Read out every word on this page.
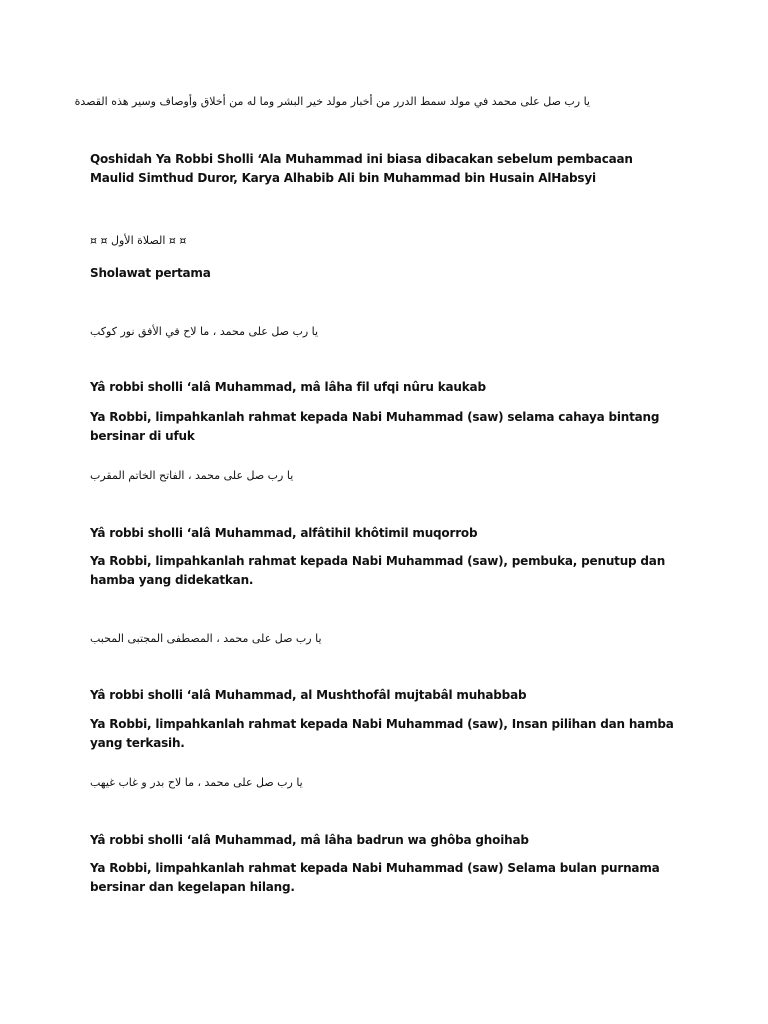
يا رب صل على محمد في مولد سمط الدرر من أخبار مولد خير البشر وما له من أخلاق وأوصاف وسير هذه القصدة
Qoshidah Ya Robbi Sholli ‘Ala Muhammad ini biasa dibacakan sebelum pembacaan Maulid Simthud Duror, Karya Alhabib Ali bin Muhammad bin Husain AlHabsyi
¤ ¤ الصلاة الأول ¤ ¤
Sholawat pertama
يا رب صل على محمد ، ما لاح في الأفق نور كوكب
Yâ robbi sholli ‘alâ Muhammad, mâ lâha fil ufqi nûru kaukab
Ya Robbi, limpahkanlah rahmat kepada Nabi Muhammad (saw) selama cahaya bintang bersinar di ufuk
يا رب صل على محمد ، الفاتح الخاتم المقرب
Yâ robbi sholli ‘alâ Muhammad, alfâtihil khôtimil muqorrob
Ya Robbi, limpahkanlah rahmat kepada Nabi Muhammad (saw), pembuka, penutup dan hamba yang didekatkan.
يا رب صل على محمد ، المصطفى المجتبى المحبب
Yâ robbi sholli ‘alâ Muhammad, al Mushthofâl mujtabâl muhabbab
Ya Robbi, limpahkanlah rahmat kepada Nabi Muhammad (saw), Insan pilihan dan hamba yang terkasih.
يا رب صل على محمد ، ما لاح بدر و غاب غيهب
Yâ robbi sholli ‘alâ Muhammad, mâ lâha badrun wa ghôba ghoihab
Ya Robbi, limpahkanlah rahmat kepada Nabi Muhammad (saw) Selama bulan purnama bersinar dan kegelapan hilang.
